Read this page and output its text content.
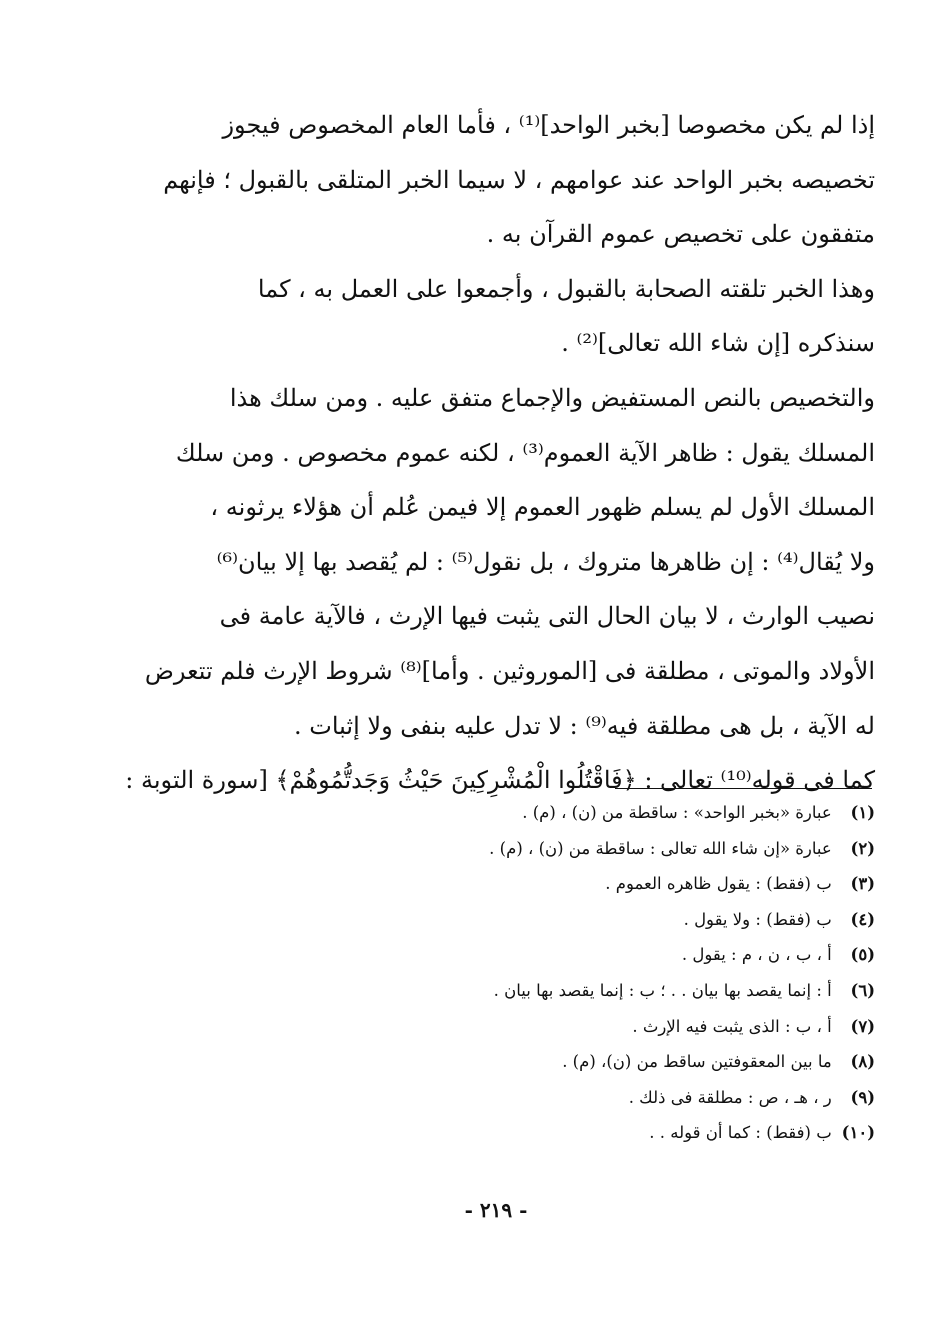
إذا لم يكن مخصوصا [بخبر الواحد]⁽¹⁾ ، فأما العام المخصوص فيجوز
تخصيصه بخبر الواحد عند عوامهم ، لا سيما الخبر المتلقى بالقبول ؛ فإنهم
متفقون على تخصيص عموم القرآن به .
وهذا الخبر تلقته الصحابة بالقبول ، وأجمعوا على العمل به ، كما
سنذكره [إن شاء الله تعالى]⁽²⁾ .
والتخصيص بالنص المستفيض والإجماع متفق عليه . ومن سلك هذا
المسلك يقول : ظاهر الآية العموم⁽³⁾ ، لكنه عموم مخصوص . ومن سلك
المسلك الأول لم يسلم ظهور العموم إلا فيمن عُلم أن هؤلاء يرثونه ،
ولا يُقال⁽⁴⁾ : إن ظاهرها متروك ، بل نقول⁽⁵⁾ : لم يُقصد بها إلا بيان⁽⁶⁾
نصيب الوارث ، لا بيان الحال التى يثبت فيها الإرث ، فالآية عامة فى
الأولاد والموتى ، مطلقة فى [الموروثين . وأما]⁽⁸⁾ شروط الإرث فلم تتعرض
له الآية ، بل هى مطلقة فيه⁽⁹⁾ : لا تدل عليه بنفى ولا إثبات .
كما فى قوله⁽¹⁰⁾ تعالى : ﴿فَاقْتُلُوا الْمُشْرِكِينَ حَيْثُ وَجَدتُّمُوهُمْ﴾ [سورة التوبة :
(١) عبارة «بخبر الواحد» : ساقطة من (ن) ، (م) .
(٢) عبارة «إن شاء الله تعالى : ساقطة من (ن) ، (م) .
(٣) ب (فقط) : يقول ظاهره العموم .
(٤) ب (فقط) : ولا يقول .
(٥) أ ، ب ، ن ، م : يقول .
(٦) أ : إنما يقصد بها بيان . . ؛ ب : إنما يقصد بها بيان .
(٧) أ ، ب : الذى يثبت فيه الإرث .
(٨) ما بين المعقوفتين ساقط من (ن)، (م) .
(٩) ر ، هـ ، ص : مطلقة فى ذلك .
(١٠) ب (فقط) : كما أن قوله . .
- ٢١٩ -
